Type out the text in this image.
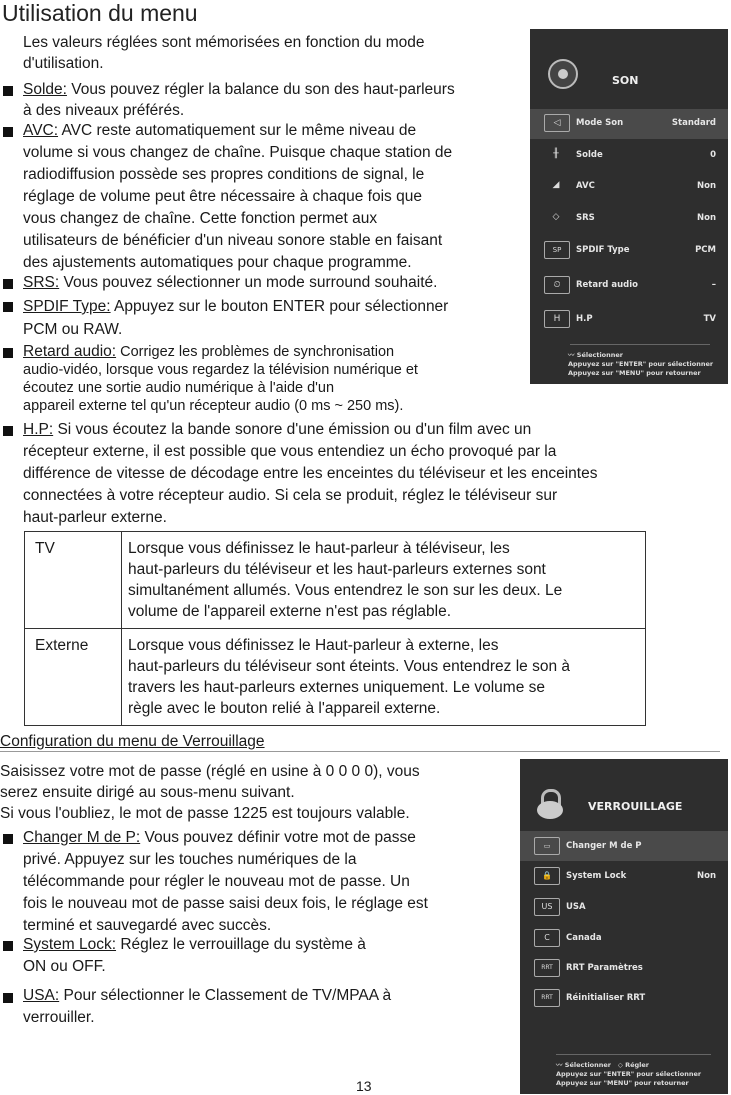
Utilisation du menu
Les valeurs réglées sont mémorisées en fonction du mode
d'utilisation.
Solde: Vous pouvez régler la balance du son des haut-parleurs
à des niveaux préférés.
AVC: AVC reste automatiquement sur le même niveau de
volume si vous changez de chaîne. Puisque chaque station de
radiodiffusion possède ses propres conditions de signal, le
réglage de volume peut être nécessaire à chaque fois que
vous changez de chaîne. Cette fonction permet aux
utilisateurs de bénéficier d'un niveau sonore stable en faisant
des ajustements automatiques pour chaque programme.
SRS: Vous pouvez sélectionner un mode surround souhaité.
SPDIF Type: Appuyez sur le bouton ENTER pour sélectionner
PCM ou RAW.
Retard audio: Corrigez les problèmes de synchronisation
audio-vidéo, lorsque vous regardez la télévision numérique et
écoutez une sortie audio numérique à l'aide d'un
appareil externe tel qu'un récepteur audio (0 ms ~ 250 ms).
H.P: Si vous écoutez la bande sonore d'une émission ou d'un film avec un
récepteur externe, il est possible que vous entendiez un écho provoqué par la
différence de vitesse de décodage entre les enceintes du téléviseur et les enceintes
connectées à votre récepteur audio. Si cela se produit, réglez le téléviseur sur
haut-parleur externe.
TV	Lorsque vous définissez le haut-parleur à téléviseur, les
haut-parleurs du téléviseur et les haut-parleurs externes sont
simultanément allumés. Vous entendrez le son sur les deux. Le
volume de l'appareil externe n'est pas réglable.

Externe	Lorsque vous définissez le Haut-parleur à externe, les
haut-parleurs du téléviseur sont éteints. Vous entendrez le son à
travers les haut-parleurs externes uniquement. Le volume se
règle avec le bouton relié à l'appareil externe.
Configuration du menu de Verrouillage
Saisissez votre mot de passe (réglé en usine à 0 0 0 0), vous
serez ensuite dirigé au sous-menu suivant.
Si vous l'oubliez, le mot de passe 1225 est toujours valable.
Changer M de P: Vous pouvez définir votre mot de passe
privé. Appuyez sur les touches numériques de la
télécommande pour régler le nouveau mot de passe. Un
fois le nouveau mot de passe saisi deux fois, le réglage est
terminé et sauvegardé avec succès.
System Lock: Réglez le verrouillage du système à
ON ou OFF.
USA: Pour sélectionner le Classement de TV/MPAA à
verrouiller.
SON
◁	Mode Son	Standard
╫	Solde	0
◢	AVC	Non
◇	SRS	Non
SP	SPDIF Type	PCM
⏲	Retard audio	–
H	H.P	TV
〰 Sélectionner
Appuyez sur "ENTER" pour sélectionner
Appuyez sur "MENU" pour retourner
VERROUILLAGE
▭	Changer M de P
🔒	System Lock	Non
US	USA
C	Canada
RRT	RRT Paramètres
RRT	Réinitialiser RRT
〰 Sélectionner ◇ Régler
Appuyez sur "ENTER" pour sélectionner
Appuyez sur "MENU" pour retourner
13
